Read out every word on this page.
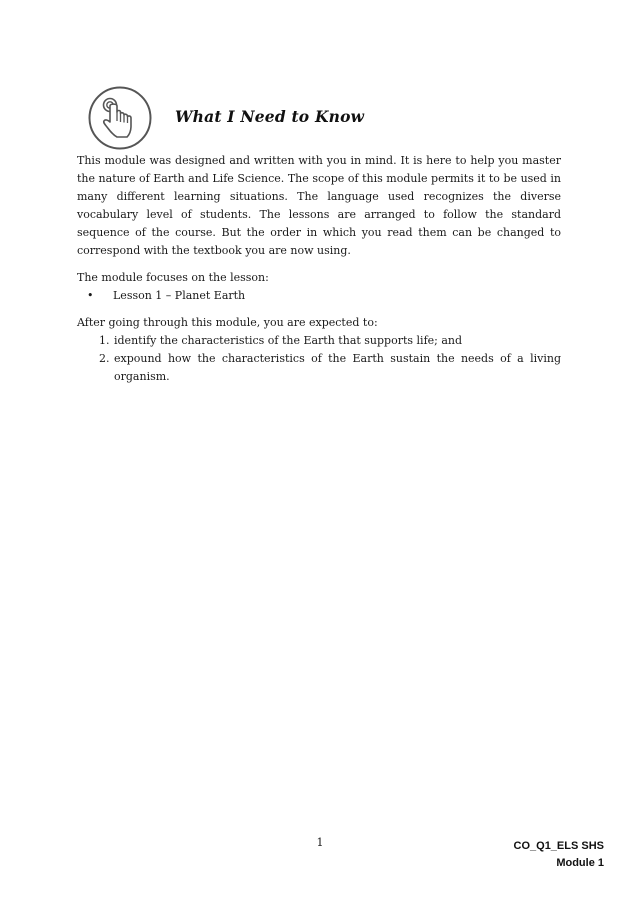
What I Need to Know

This module was designed and written with you in mind. It is here to help you master the nature of Earth and Life Science. The scope of this module permits it to be used in many different learning situations. The language used recognizes the diverse vocabulary level of students. The lessons are arranged to follow the standard sequence of the course. But the order in which you read them can be changed to correspond with the textbook you are now using.

The module focuses on the lesson:

• Lesson 1 – Planet Earth

After going through this module, you are expected to:

1. identify the characteristics of the Earth that supports life; and
2. expound how the characteristics of the Earth sustain the needs of a living organism.
1	CO_Q1_ELS SHS
Module 1
